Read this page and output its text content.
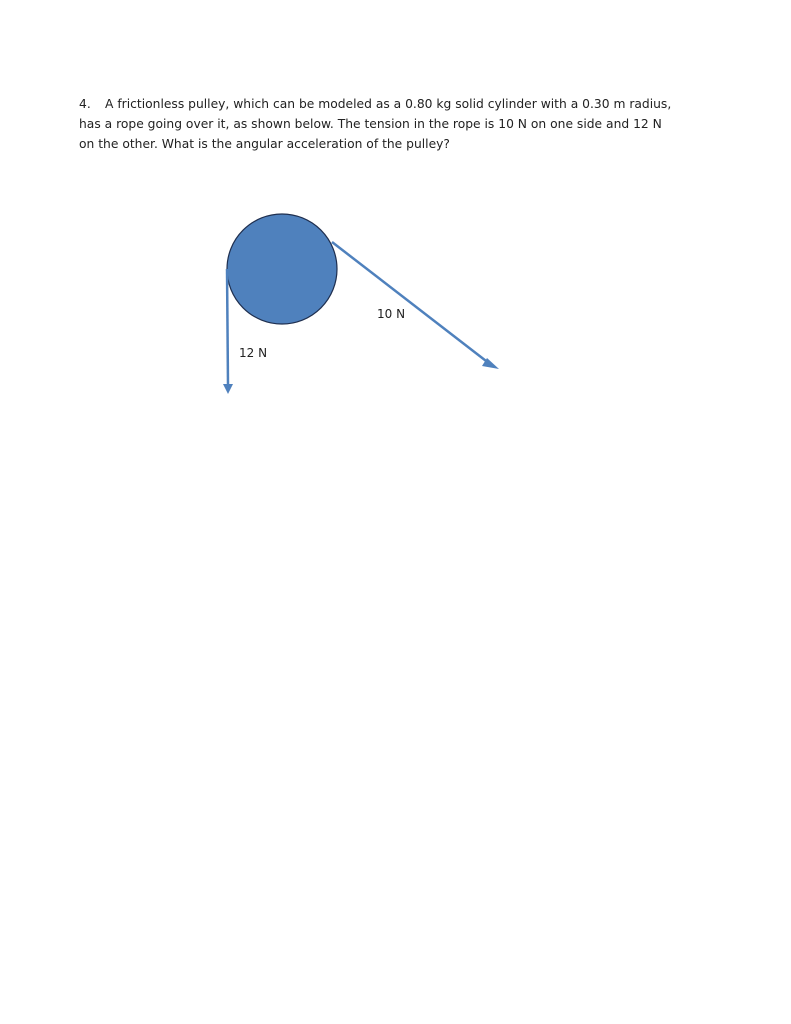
4. A frictionless pulley, which can be modeled as a 0.80 kg solid cylinder with a 0.30 m radius,
has a rope going over it, as shown below. The tension in the rope is 10 N on one side and 12 N
on the other. What is the angular acceleration of the pulley?
12 N
10 N
